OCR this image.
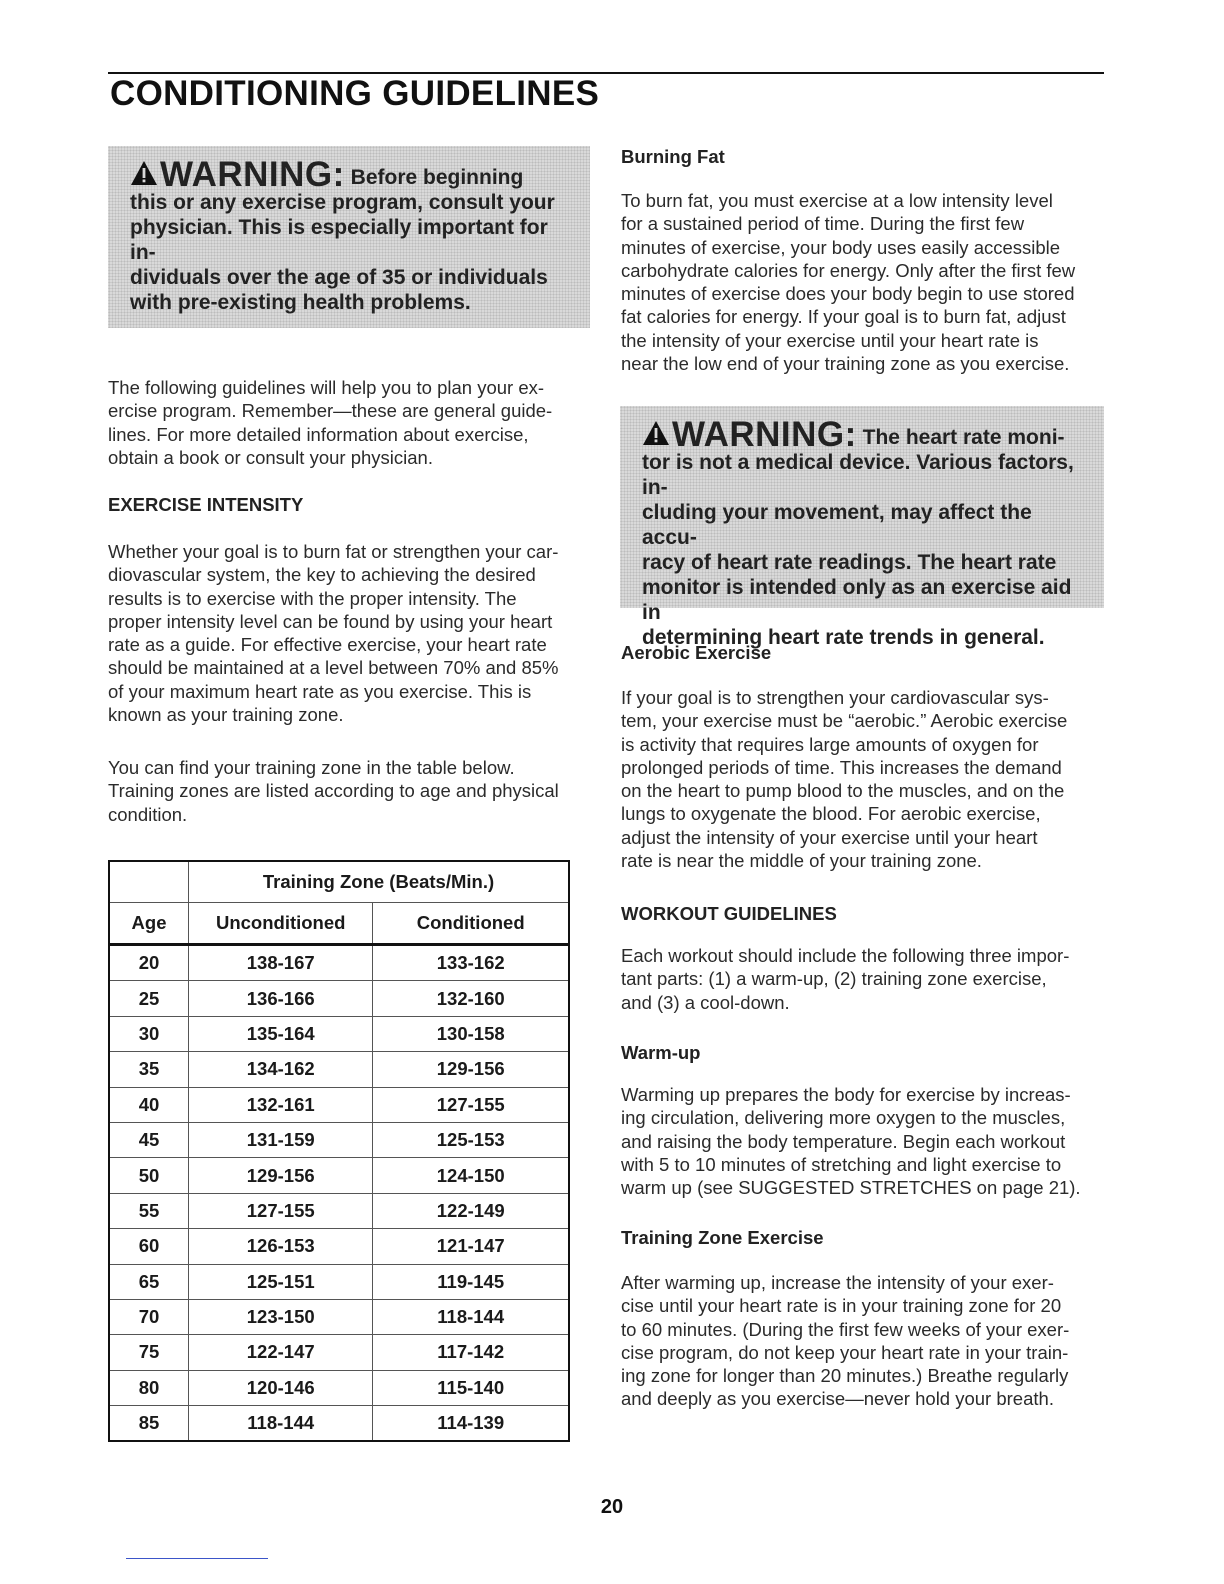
CONDITIONING GUIDELINES
WARNING: Before beginning
this or any exercise program, consult your
physician. This is especially important for in-
dividuals over the age of 35 or individuals
with pre-existing health problems.

The following guidelines will help you to plan your ex-
ercise program. Remember—these are general guide-
lines. For more detailed information about exercise,
obtain a book or consult your physician.

EXERCISE INTENSITY

Whether your goal is to burn fat or strengthen your car-
diovascular system, the key to achieving the desired
results is to exercise with the proper intensity. The
proper intensity level can be found by using your heart
rate as a guide. For effective exercise, your heart rate
should be maintained at a level between 70% and 85%
of your maximum heart rate as you exercise. This is
known as your training zone.

You can find your training zone in the table below.
Training zones are listed according to age and physical
condition.

	Training Zone (Beats/Min.)	
Age	Unconditioned	Conditioned
20	138-167	133-162
25	136-166	132-160
30	135-164	130-158
35	134-162	129-156
40	132-161	127-155
45	131-159	125-153
50	129-156	124-150
55	127-155	122-149
60	126-153	121-147
65	125-151	119-145
70	123-150	118-144
75	122-147	117-142
80	120-146	115-140
85	118-144	114-139
Burning Fat

To burn fat, you must exercise at a low intensity level
for a sustained period of time. During the first few
minutes of exercise, your body uses easily accessible
carbohydrate calories for energy. Only after the first few
minutes of exercise does your body begin to use stored
fat calories for energy. If your goal is to burn fat, adjust
the intensity of your exercise until your heart rate is
near the low end of your training zone as you exercise.

WARNING: The heart rate moni-
tor is not a medical device. Various factors, in-
cluding your movement, may affect the accu-
racy of heart rate readings. The heart rate
monitor is intended only as an exercise aid in
determining heart rate trends in general.
Aerobic Exercise

If your goal is to strengthen your cardiovascular sys-
tem, your exercise must be “aerobic.” Aerobic exercise
is activity that requires large amounts of oxygen for
prolonged periods of time. This increases the demand
on the heart to pump blood to the muscles, and on the
lungs to oxygenate the blood. For aerobic exercise,
adjust the intensity of your exercise until your heart
rate is near the middle of your training zone.

WORKOUT GUIDELINES

Each workout should include the following three impor-
tant parts: (1) a warm-up, (2) training zone exercise,
and (3) a cool-down.

Warm-up

Warming up prepares the body for exercise by increas-
ing circulation, delivering more oxygen to the muscles,
and raising the body temperature. Begin each workout
with 5 to 10 minutes of stretching and light exercise to
warm up (see SUGGESTED STRETCHES on page 21).

Training Zone Exercise

After warming up, increase the intensity of your exer-
cise until your heart rate is in your training zone for 20
to 60 minutes. (During the first few weeks of your exer-
cise program, do not keep your heart rate in your train-
ing zone for longer than 20 minutes.) Breathe regularly
and deeply as you exercise—never hold your breath.

20
